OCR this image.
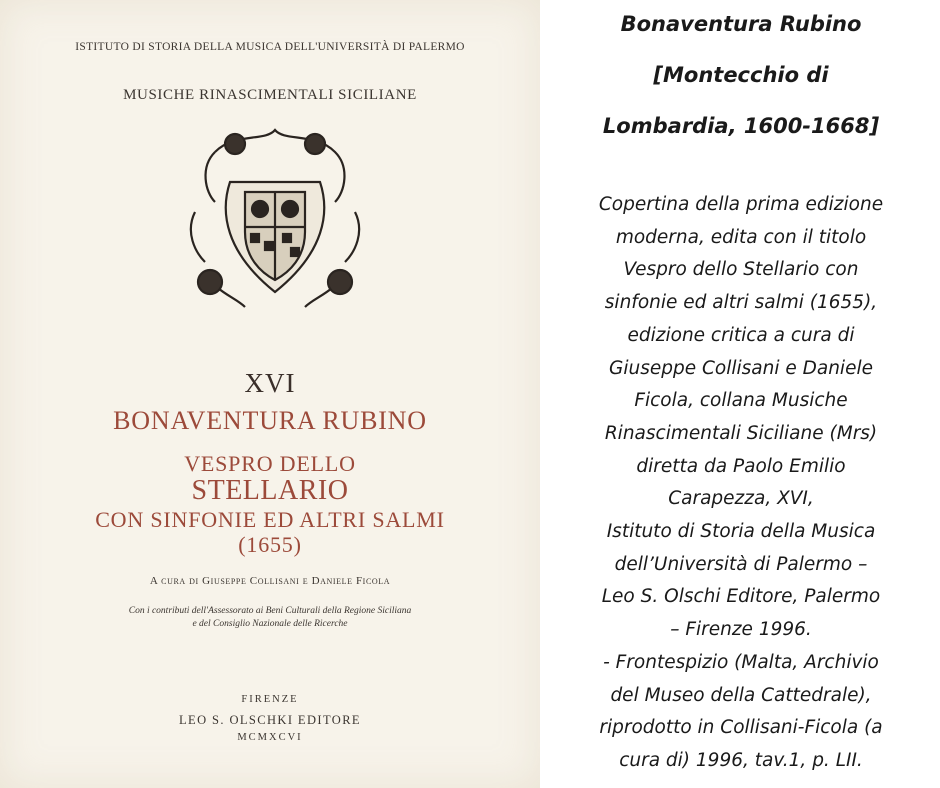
ISTITUTO DI STORIA DELLA MUSICA DELL'UNIVERSITÀ DI PALERMO
MUSICHE RINASCIMENTALI SICILIANE
XVI
BONAVENTURA RUBINO
VESPRO DELLO
STELLARIO
CON SINFONIE ED ALTRI SALMI
(1655)
A cura di Giuseppe Collisani e Daniele Ficola
Con i contributi dell'Assessorato ai Beni Culturali della Regione Siciliana
e del Consiglio Nazionale delle Ricerche
FIRENZE
LEO S. OLSCHKI EDITORE
MCMXCVI
Bonaventura Rubino
[Montecchio di
Lombardia, 1600-1668]
Copertina della prima edizione
moderna, edita con il titolo
Vespro dello Stellario con
sinfonie ed altri salmi (1655),
edizione critica a cura di
Giuseppe Collisani e Daniele
Ficola, collana Musiche
Rinascimentali Siciliane (Mrs)
diretta da Paolo Emilio
Carapezza, XVI,
Istituto di Storia della Musica
dell’Università di Palermo –
Leo S. Olschi Editore, Palermo
– Firenze 1996.
- Frontespizio (Malta, Archivio
del Museo della Cattedrale),
riprodotto in Collisani-Ficola (a
cura di) 1996, tav.1, p. LII.
